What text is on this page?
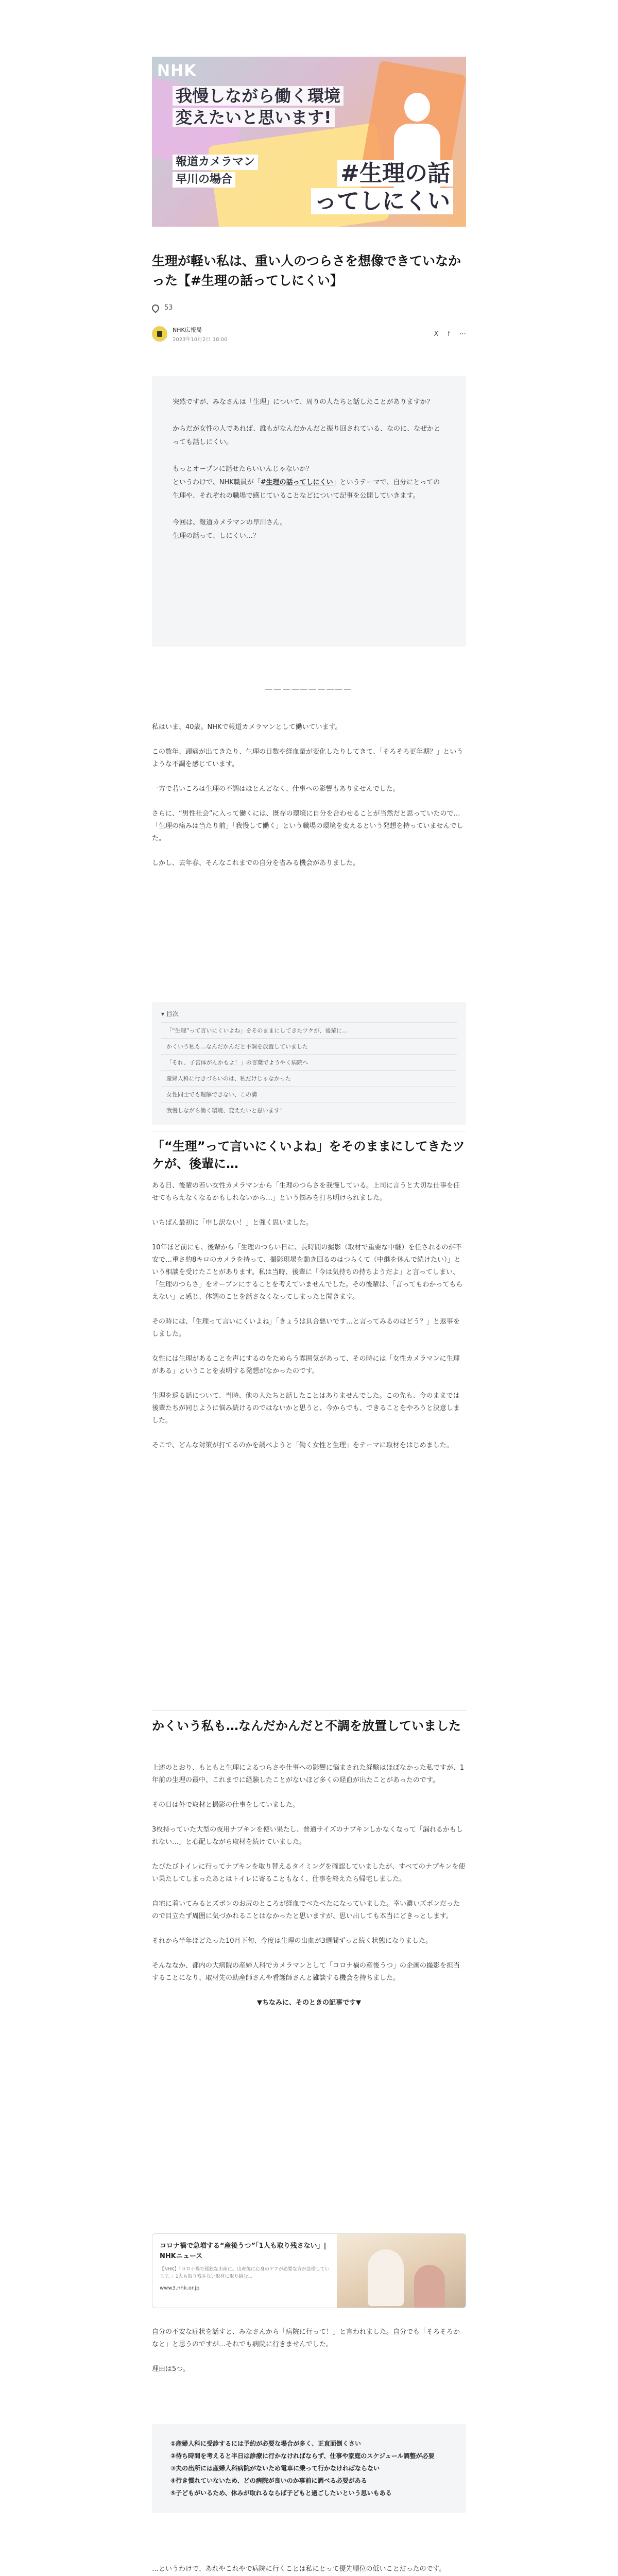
NHK
我慢しながら働く環境
変えたいと思います!
報道カメラマン
早川の場合	#生理の話
ってしにくい
生理が軽い私は、重い人のつらさを想像できていなかった【#生理の話ってしにくい】
53
NHK広報局
2023年10月2日 18:00
X f ⋯

突然ですが、みなさんは「生理」について、周りの人たちと話したことがありますか？

からだが女性の人であれば、誰もがなんだかんだと振り回されている、なのに、なぜかとっても話しにくい。

もっとオープンに話せたらいいんじゃないか？
というわけで、NHK職員が「#生理の話ってしにくい」というテーマで、自分にとっての生理や、それぞれの職場で感じていることなどについて記事を公開していきます。

今回は、報道カメラマンの早川さん。
生理の話って、しにくい…？

――――――――――

私はいま、40歳。NHKで報道カメラマンとして働いています。

この数年、頭痛が出てきたり、生理の日数や経血量が変化したりしてきて、「そろそろ更年期？」というような不調を感じています。

一方で若いころは生理の不調はほとんどなく、仕事への影響もありませんでした。

さらに、“男性社会”に入って働くには、既存の環境に自分を合わせることが当然だと思っていたので…
「生理の痛みは当たり前」「我慢して働く」という職場の環境を変えるという発想を持っていませんでした。

しかし、去年春、そんなこれまでの自分を省みる機会がありました。

▾ 目次
「“生理”って言いにくいよね」をそのままにしてきたツケが、後輩に…
かくいう私も…なんだかんだと不調を放置していました
「それ、子宮体がんかもよ！」の言葉でようやく病院へ
産婦人科に行きづらいのは、私だけじゃなかった
女性同士でも理解できない、この溝
我慢しながら働く環境、変えたいと思います！
「“生理”って言いにくいよね」をそのままにしてきたツケが、後輩に…

ある日、後輩の若い女性カメラマンから「生理のつらさを我慢している。上司に言うと大切な仕事を任せてもらえなくなるかもしれないから…」という悩みを打ち明けられました。

いちばん最初に「申し訳ない！」と強く思いました。

10年ほど前にも、後輩から「生理のつらい日に、長時間の撮影（取材で重要な中継）を任されるのが不安で…重さ約8キロのカメラを持って、撮影現場を動き回るのはつらくて（中継を休んで続けたい）」という相談を受けたことがあります。私は当時、後輩に「今は気持ちの持ちようだよ」と言ってしまい、「生理のつらさ」をオープンにすることを考えていませんでした。その後輩は、「言ってもわかってもらえない」と感じ、体調のことを話さなくなってしまったと聞きます。

その時には、「生理って言いにくいよね」「きょうは具合悪いです…と言ってみるのはどう？」と返事をしました。

女性には生理があることを声にするのをためらう雰囲気があって、その時には「女性カメラマンに生理がある」ということを表明する発想がなかったのです。

生理を巡る話について、当時、他の人たちと話したことはありませんでした。この先も、今のままでは後輩たちが同じように悩み続けるのではないかと思うと、今からでも、できることをやろうと決意しました。

そこで、どんな対策が打てるのかを調べようと「働く女性と生理」をテーマに取材をはじめました。

かくいう私も…なんだかんだと不調を放置していました

上述のとおり、もともと生理によるつらさや仕事への影響に悩まされた経験はほぼなかった私ですが、1年前の生理の最中、これまでに経験したことがないほど多くの経血が出たことがあったのです。

その日は外で取材と撮影の仕事をしていました。

3枚持っていた大型の夜用ナプキンを使い果たし、普通サイズのナプキンしかなくなって「漏れるかもしれない…」と心配しながら取材を続けていました。

たびたびトイレに行ってナプキンを取り替えるタイミングを確認していましたが、すべてのナプキンを使い果たしてしまったあとはトイレに寄ることもなく、仕事を終えたら帰宅しました。

自宅に着いてみるとズボンのお尻のところが経血でべたべたになっていました。幸い濃いズボンだったので目立たず周囲に気づかれることはなかったと思いますが、思い出しても本当にどきっとします。

それから半年ほどたった10月下旬、今度は生理の出血が3週間ずっと続く状態になりました。

そんななか、都内の大病院の産婦人科でカメラマンとして「コロナ禍の産後うつ」の企画の撮影を担当することになり、取材先の助産師さんや看護師さんと雑談する機会を持ちました。

▼ちなみに、そのときの記事です▼

コロナ禍で急増する“産後うつ”「1人も取り残さない」| NHKニュース
【NHK】「コロナ禍で孤独な出産に。出産後に心身のケアが必要な方が急増しています。」1人も取り残さない取材に取り組む…
www3.nhk.or.jp

自分の不安な症状を話すと、みなさんから「病院に行って！」と言われました。自分でも「そろそろかなと」と思うのですが…それでも病院に行きませんでした。

理由は5つ。

①産婦人科に受診するには予約が必要な場合が多く、正直面倒くさい
②待ち時間を考えると半日は診療に行かなければならず、仕事や家庭のスケジュール調整が必要
③夫の出所には産婦人科病院がないため電車に乗って行かなければならない
④行き慣れていないため、どの病院が良いのか事前に調べる必要がある
⑤子どもがいるため、休みが取れるならば子どもと過ごしたいという思いもある

…というわけで、あれやこれやで病院に行くことは私にとって優先順位の低いことだったのです。
